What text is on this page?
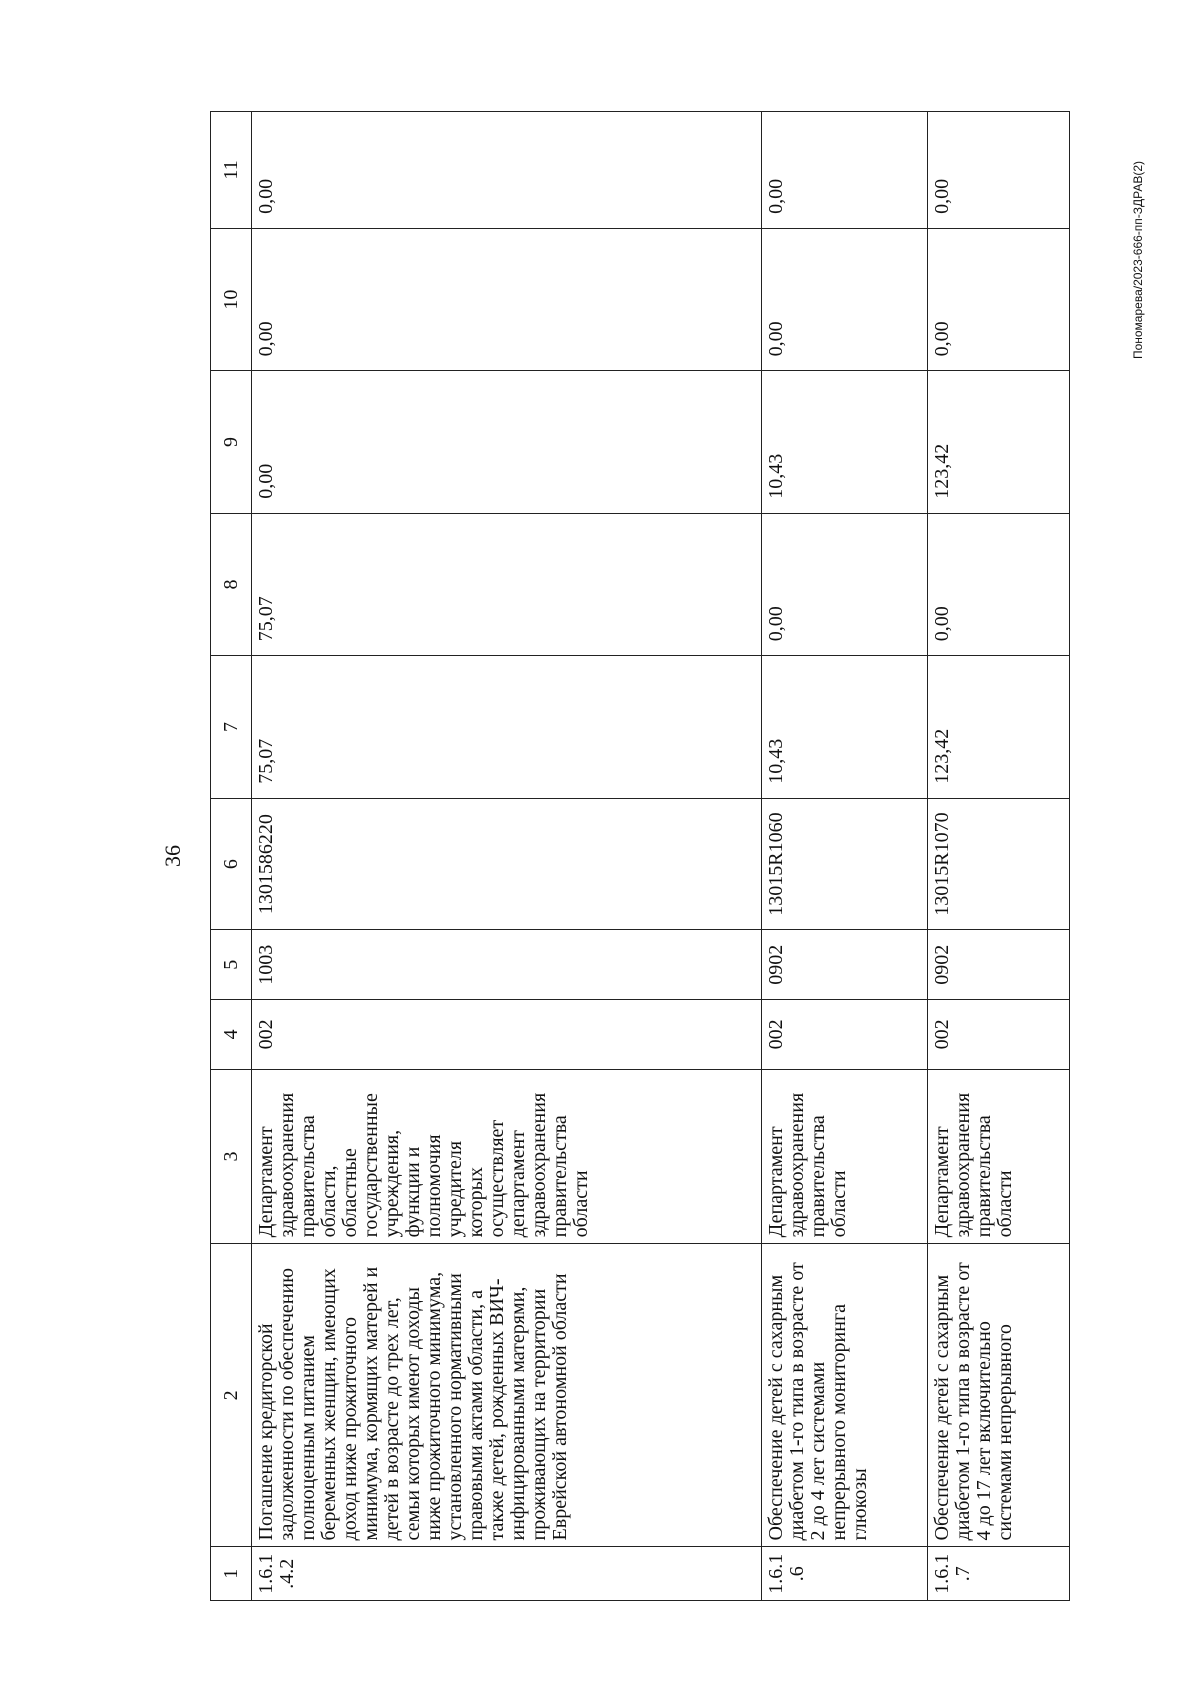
36
1	2	3	4	5	6	7	8	9	10	11
1.6.1.4.2	Погашение кредиторской задолженности по обеспечению полноценным питанием беременных женщин, имеющих доход ниже прожиточного минимума, кормящих матерей и детей в возрасте до трех лет, семьи которых имеют доходы ниже прожиточного минимума, установленного нормативными правовыми актами области, а также детей, рожденных ВИЧ-инфицированными матерями, проживающих на территории Еврейской автономной области	Департамент здравоохранения правительства области, областные государственные учреждения, функции и полномочия учредителя которых осуществляет департамент здравоохранения правительства области	002	1003	1301586220	75,07	75,07	0,00	0,00	0,00
1.6.1.6	Обеспечение детей с сахарным диабетом 1-го типа в возрасте от 2 до 4 лет системами непрерывного мониторинга глюкозы	Департамент здравоохранения правительства области	002	0902	13015R1060	10,43	0,00	10,43	0,00	0,00
1.6.1.7	Обеспечение детей с сахарным диабетом 1-го типа в возрасте от 4 до 17 лет включительно системами непрерывного	Департамент здравоохранения правительства области	002	0902	13015R1070	123,42	0,00	123,42	0,00	0,00	Пономарева/2023-666-пп-ЗДРАВ(2)
